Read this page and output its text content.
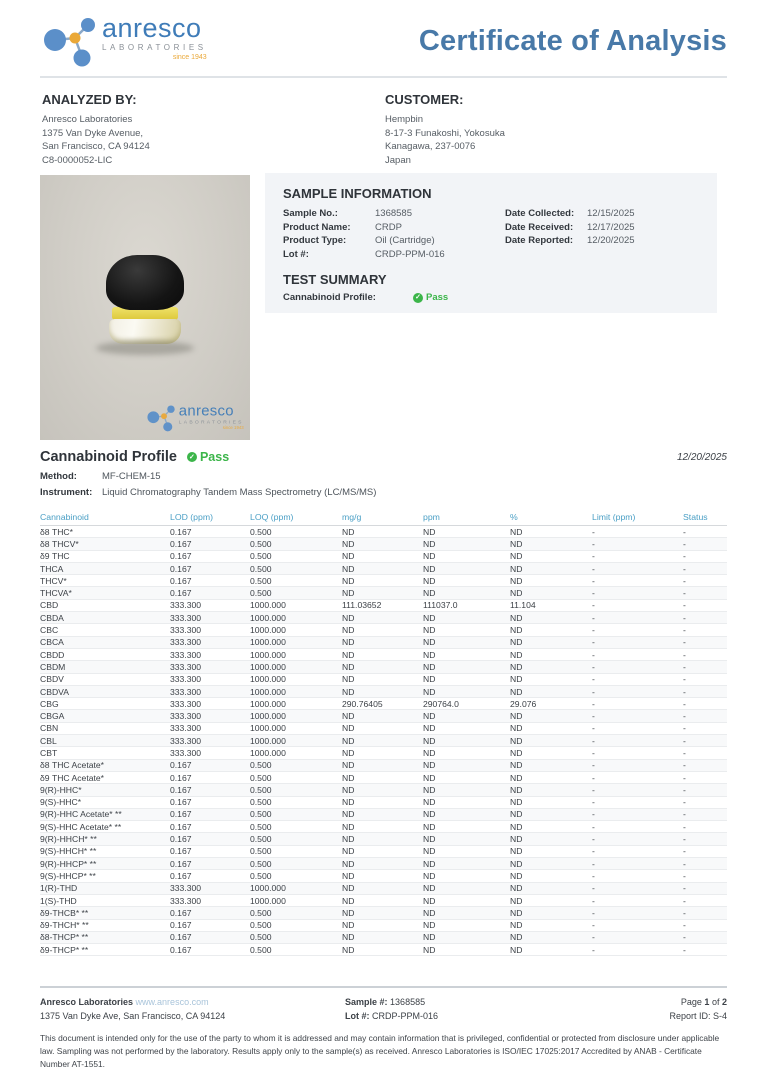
anresco
LABORATORIES
since 1943
Certificate of Analysis
ANALYZED BY:
Anresco Laboratories
1375 Van Dyke Avenue,
San Francisco, CA 94124
C8-0000052-LIC
CUSTOMER:
Hempbin
8-17-3 Funakoshi, Yokosuka
Kanagawa, 237-0076
Japan
anresco
LABORATORIES
since 1943
SAMPLE INFORMATION
Sample No.:	1368585
Product Name:	CRDP
Product Type:	Oil (Cartridge)
Lot #:	CRDP-PPM-016
Date Collected:	12/15/2025
Date Received:	12/17/2025
Date Reported:	12/20/2025
TEST SUMMARY
Cannabinoid Profile:	✓ Pass
Cannabinoid Profile ✓ Pass	12/20/2025
Method:	MF-CHEM-15
Instrument:	Liquid Chromatography Tandem Mass Spectrometry (LC/MS/MS)
Cannabinoid	LOD (ppm)	LOQ (ppm)	mg/g	ppm	%	Limit (ppm)	Status
δ8 THC*	0.167	0.500	ND	ND	ND	-	-
δ8 THCV*	0.167	0.500	ND	ND	ND	-	-
δ9 THC	0.167	0.500	ND	ND	ND	-	-
THCA	0.167	0.500	ND	ND	ND	-	-
THCV*	0.167	0.500	ND	ND	ND	-	-
THCVA*	0.167	0.500	ND	ND	ND	-	-
CBD	333.300	1000.000	111.03652	111037.0	11.104	-	-
CBDA	333.300	1000.000	ND	ND	ND	-	-
CBC	333.300	1000.000	ND	ND	ND	-	-
CBCA	333.300	1000.000	ND	ND	ND	-	-
CBDD	333.300	1000.000	ND	ND	ND	-	-
CBDM	333.300	1000.000	ND	ND	ND	-	-
CBDV	333.300	1000.000	ND	ND	ND	-	-
CBDVA	333.300	1000.000	ND	ND	ND	-	-
CBG	333.300	1000.000	290.76405	290764.0	29.076	-	-
CBGA	333.300	1000.000	ND	ND	ND	-	-
CBN	333.300	1000.000	ND	ND	ND	-	-
CBL	333.300	1000.000	ND	ND	ND	-	-
CBT	333.300	1000.000	ND	ND	ND	-	-
δ8 THC Acetate*	0.167	0.500	ND	ND	ND	-	-
δ9 THC Acetate*	0.167	0.500	ND	ND	ND	-	-
9(R)-HHC*	0.167	0.500	ND	ND	ND	-	-
9(S)-HHC*	0.167	0.500	ND	ND	ND	-	-
9(R)-HHC Acetate* **	0.167	0.500	ND	ND	ND	-	-
9(S)-HHC Acetate* **	0.167	0.500	ND	ND	ND	-	-
9(R)-HHCH* **	0.167	0.500	ND	ND	ND	-	-
9(S)-HHCH* **	0.167	0.500	ND	ND	ND	-	-
9(R)-HHCP* **	0.167	0.500	ND	ND	ND	-	-
9(S)-HHCP* **	0.167	0.500	ND	ND	ND	-	-
1(R)-THD	333.300	1000.000	ND	ND	ND	-	-
1(S)-THD	333.300	1000.000	ND	ND	ND	-	-
δ9-THCB* **	0.167	0.500	ND	ND	ND	-	-
δ9-THCH* **	0.167	0.500	ND	ND	ND	-	-
δ8-THCP* **	0.167	0.500	ND	ND	ND	-	-
δ9-THCP* **	0.167	0.500	ND	ND	ND	-	-
Anresco Laboratories www.anresco.com	Sample #: 1368585	Page 1 of 2
1375 Van Dyke Ave, San Francisco, CA 94124	Lot #: CRDP-PPM-016	Report ID: S-4
This document is intended only for the use of the party to whom it is addressed and may contain information that is privileged, confidential or protected from disclosure under applicable law. Sampling was not performed by the laboratory. Results apply only to the sample(s) as received. Anresco Laboratories is ISO/IEC 17025:2017 Accredited by ANAB - Certificate Number AT-1551.
